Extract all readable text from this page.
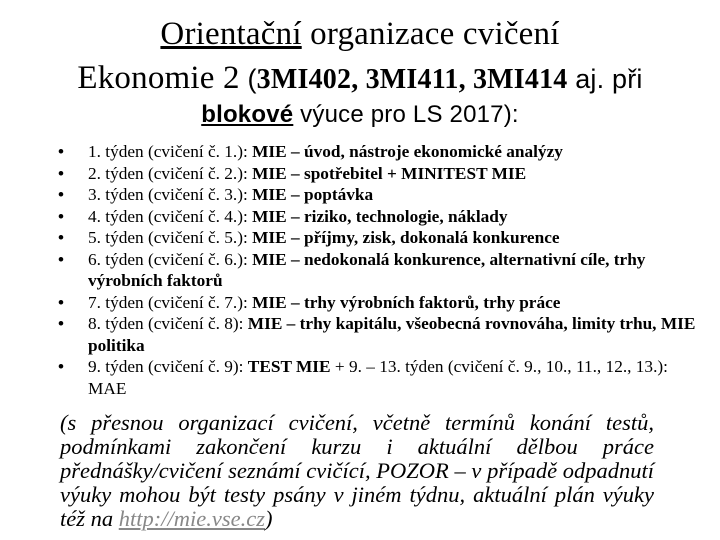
Orientační organizace cvičení
Ekonomie 2 (3MI402, 3MI411, 3MI414 aj. při
blokové výuce pro LS 2017):
• 1. týden (cvičení č. 1.): MIE – úvod, nástroje ekonomické analýzy
• 2. týden (cvičení č. 2.): MIE – spotřebitel + MINITEST MIE
• 3. týden (cvičení č. 3.): MIE – poptávka
• 4. týden (cvičení č. 4.): MIE – riziko, technologie, náklady
• 5. týden (cvičení č. 5.): MIE – příjmy, zisk, dokonalá konkurence
• 6. týden (cvičení č. 6.): MIE – nedokonalá konkurence, alternativní cíle, trhy výrobních faktorů
• 7. týden (cvičení č. 7.): MIE – trhy výrobních faktorů, trhy práce
• 8. týden (cvičení č. 8): MIE – trhy kapitálu, všeobecná rovnováha, limity trhu, MIE politika
• 9. týden (cvičení č. 9): TEST MIE + 9. – 13. týden (cvičení č. 9., 10., 11., 12., 13.): MAE
(s přesnou organizací cvičení, včetně termínů konání testů, podmínkami zakončení kurzu i aktuální dělbou práce přednášky/cvičení seznámí cvičící, POZOR – v případě odpadnutí výuky mohou být testy psány v jiném týdnu, aktuální plán výuky též na http://mie.vse.cz)
